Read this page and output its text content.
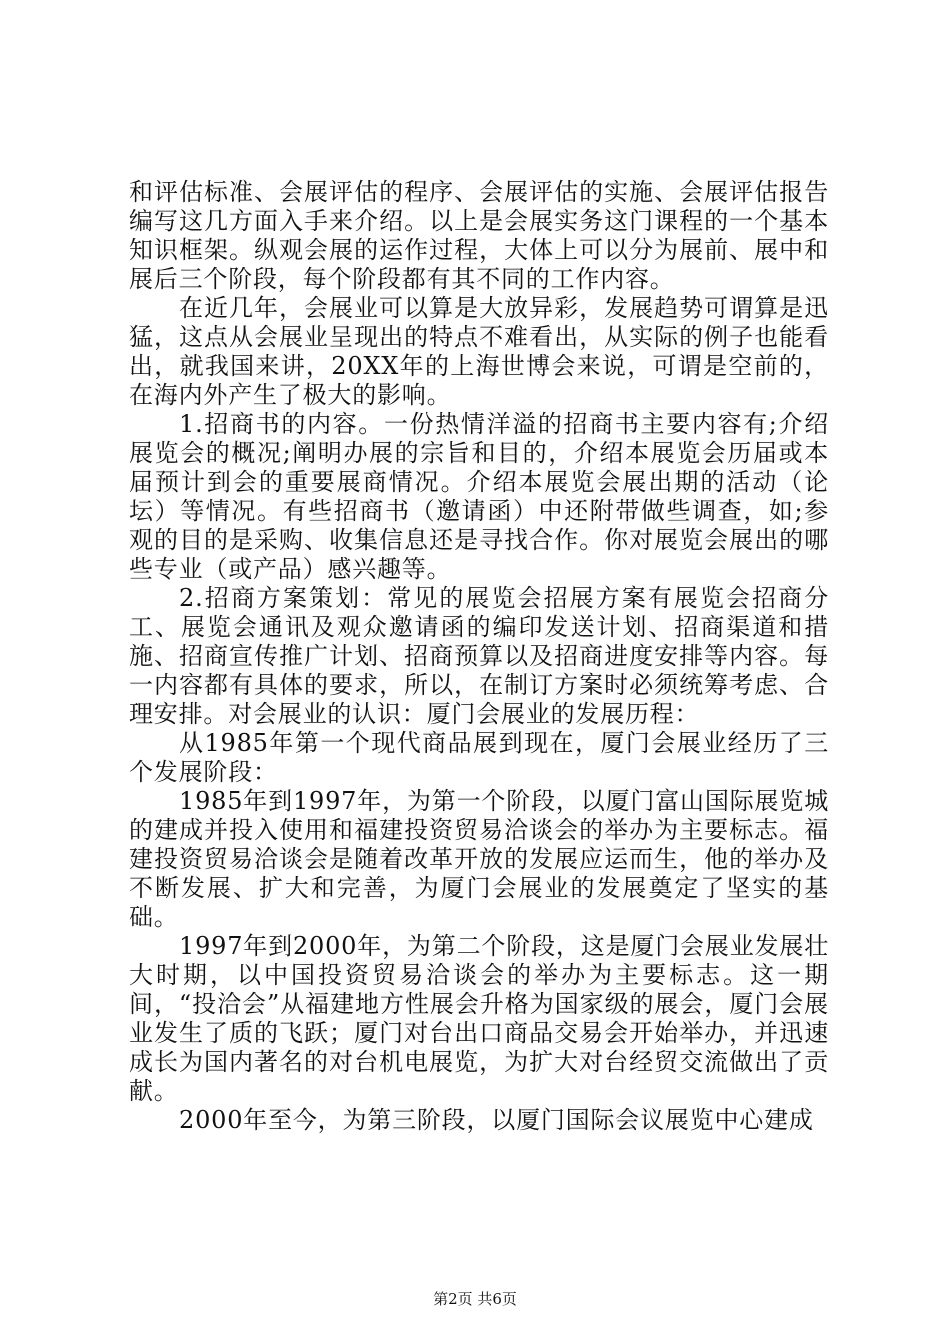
和评估标准、会展评估的程序、会展评估的实施、会展评估报告编写这几方面入手来介绍。以上是会展实务这门课程的一个基本知识框架。纵观会展的运作过程，大体上可以分为展前、展中和展后三个阶段，每个阶段都有其不同的工作内容。

在近几年，会展业可以算是大放异彩，发展趋势可谓算是迅猛，这点从会展业呈现出的特点不难看出，从实际的例子也能看出，就我国来讲，20XX年的上海世博会来说，可谓是空前的，在海内外产生了极大的影响。

1.招商书的内容。一份热情洋溢的招商书主要内容有;介绍展览会的概况;阐明办展的宗旨和目的，介绍本展览会历届或本届预计到会的重要展商情况。介绍本展览会展出期的活动（论坛）等情况。有些招商书（邀请函）中还附带做些调查，如;参观的目的是采购、收集信息还是寻找合作。你对展览会展出的哪些专业（或产品）感兴趣等。

2.招商方案策划：常见的展览会招展方案有展览会招商分工、展览会通讯及观众邀请函的编印发送计划、招商渠道和措施、招商宣传推广计划、招商预算以及招商进度安排等内容。每一内容都有具体的要求，所以，在制订方案时必须统筹考虑、合理安排。对会展业的认识：厦门会展业的发展历程：

从1985年第一个现代商品展到现在，厦门会展业经历了三个发展阶段：

1985年到1997年，为第一个阶段，以厦门富山国际展览城的建成并投入使用和福建投资贸易洽谈会的举办为主要标志。福建投资贸易洽谈会是随着改革开放的发展应运而生，他的举办及不断发展、扩大和完善，为厦门会展业的发展奠定了坚实的基础。

1997年到2000年，为第二个阶段，这是厦门会展业发展壮大时期，以中国投资贸易洽谈会的举办为主要标志。这一期间，“投洽会”从福建地方性展会升格为国家级的展会，厦门会展业发生了质的飞跃；厦门对台出口商品交易会开始举办，并迅速成长为国内著名的对台机电展览，为扩大对台经贸交流做出了贡献。

2000年至今，为第三阶段，以厦门国际会议展览中心建成

第2页 共6页
